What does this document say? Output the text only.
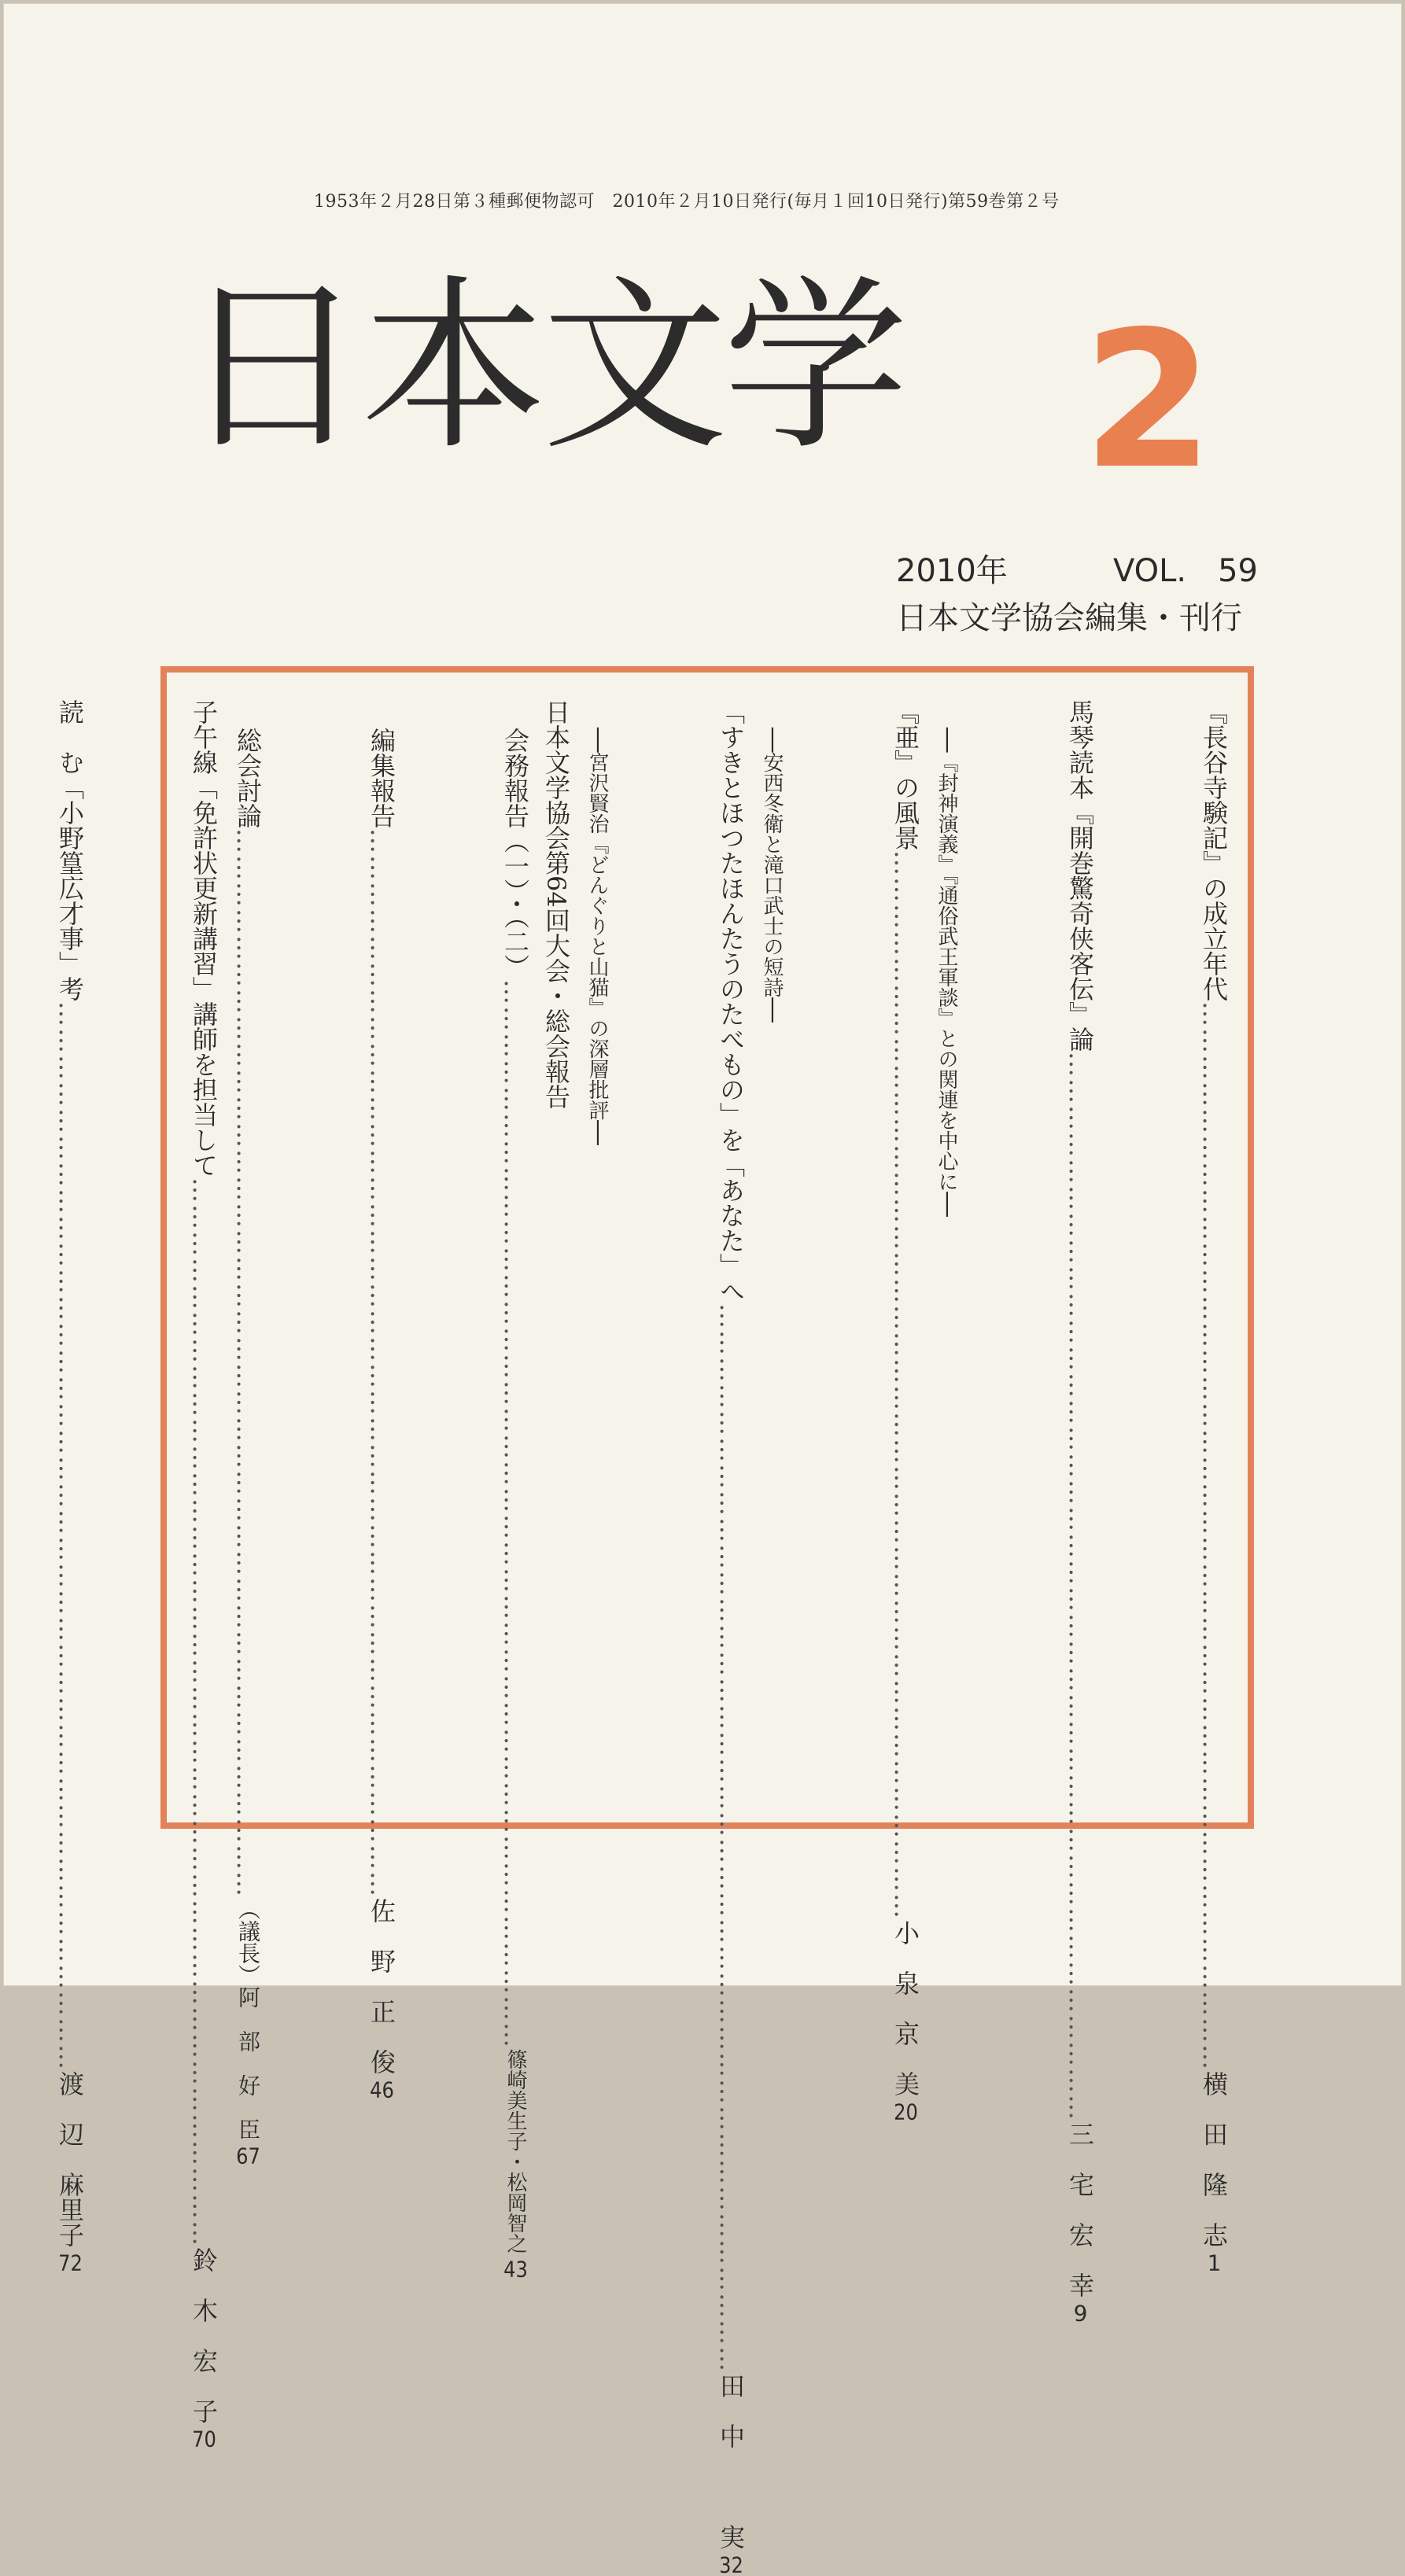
1953年２月28日第３種郵便物認可　2010年２月10日発行(毎月１回10日発行)第59巻第２号
日本文学 2
2010年	VOL.　59
日本文学協会編集・刊行
『長谷寺験記』の成立年代
…………………………………………………………………………………………………………
横　田　隆　志
1
馬琴読本『開巻驚奇侠客伝』論
…………………………………………………………………………………………………………
三　宅　宏　幸
9
──『封神演義』『通俗武王軍談』との関連を中心に──
『亜』の風景
…………………………………………………………………………………………………………
小　泉　京　美
20
──安西冬衛と滝口武士の短詩──
「すきとほつたほんたうのたべもの」を「あなた」へ
…………………………………………………………………………………………………………
田　中　　　実
32
──宮沢賢治『どんぐりと山猫』の深層批評──
日本文学協会第64回大会・総会報告
会務報告（一）・（二）
…………………………………………………………………………………………………………
篠崎美生子・松岡智之
43
編集報告
…………………………………………………………………………………………………………
佐　野　正　俊
46
総会討論
…………………………………………………………………………………………………………
（議長）阿　部　好　臣
67
子午線「免許状更新講習」講師を担当して
…………………………………………………………………………………………………………
鈴　木　宏　子
70
読　む「小野篁広才事」考
…………………………………………………………………………………………………………
渡　辺　麻里子
72
